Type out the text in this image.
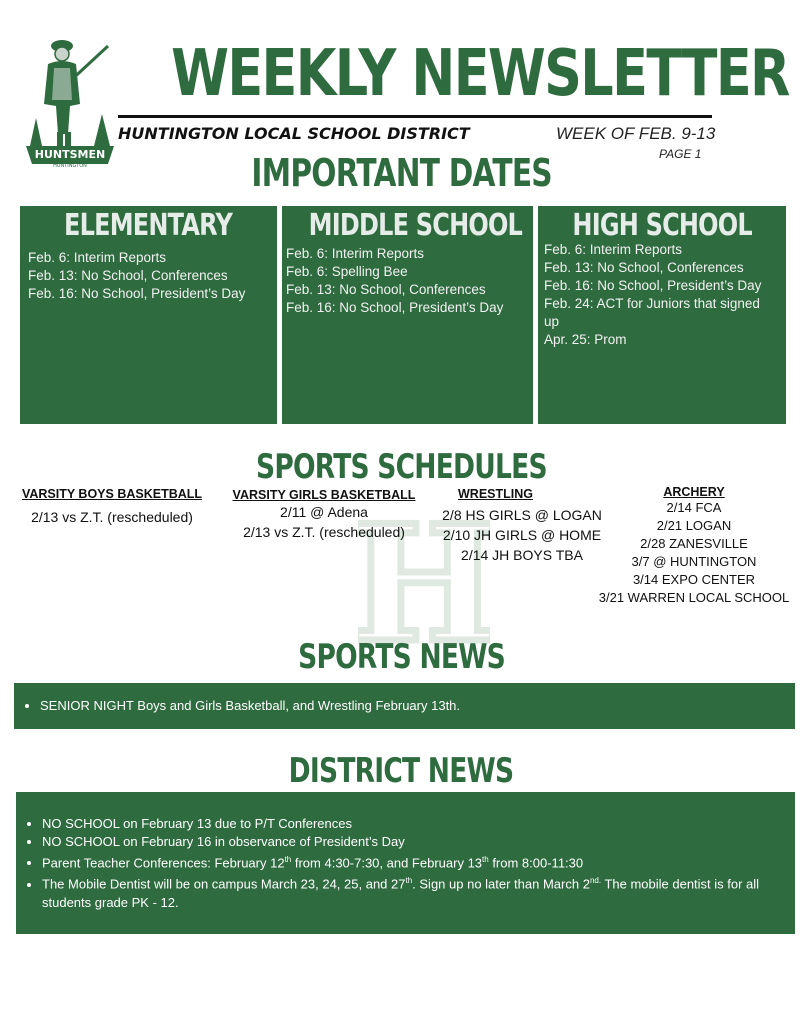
HUNTSMEN
HUNTINGTON
WEEKLY NEWSLETTER
HUNTINGTON LOCAL SCHOOL DISTRICT	WEEK OF FEB. 9-13
PAGE 1
IMPORTANT DATES
ELEMENTARY
Feb. 6: Interim Reports
Feb. 13: No School, Conferences
Feb. 16: No School, President’s Day
MIDDLE SCHOOL
Feb. 6: Interim Reports
Feb. 6: Spelling Bee
Feb. 13: No School, Conferences
Feb. 16: No School, President’s Day
HIGH SCHOOL
Feb. 6: Interim Reports
Feb. 13: No School, Conferences
Feb. 16: No School, President’s Day
Feb. 24: ACT for Juniors that signed up
Apr. 25: Prom
SPORTS SCHEDULES
H
VARSITY BOYS BASKETBALL
2/13 vs Z.T. (rescheduled)
VARSITY GIRLS BASKETBALL
2/11 @ Adena
2/13 vs Z.T. (rescheduled)
WRESTLING
2/8 HS GIRLS @ LOGAN
2/10 JH GIRLS @ HOME
2/14 JH BOYS TBA
ARCHERY
2/14 FCA
2/21 LOGAN
2/28 ZANESVILLE
3/7 @ HUNTINGTON
3/14 EXPO CENTER
3/21 WARREN LOCAL SCHOOL
SPORTS NEWS
• SENIOR NIGHT Boys and Girls Basketball, and Wrestling February 13th.
DISTRICT NEWS
• NO SCHOOL on February 13 due to P/T Conferences
• NO SCHOOL on February 16 in observance of President’s Day
• Parent Teacher Conferences: February 12th from 4:30-7:30, and February 13th from 8:00-11:30
• The Mobile Dentist will be on campus March 23, 24, 25, and 27th. Sign up no later than March $2^{nd.}$ The mobile dentist is for all students grade PK - 12.
